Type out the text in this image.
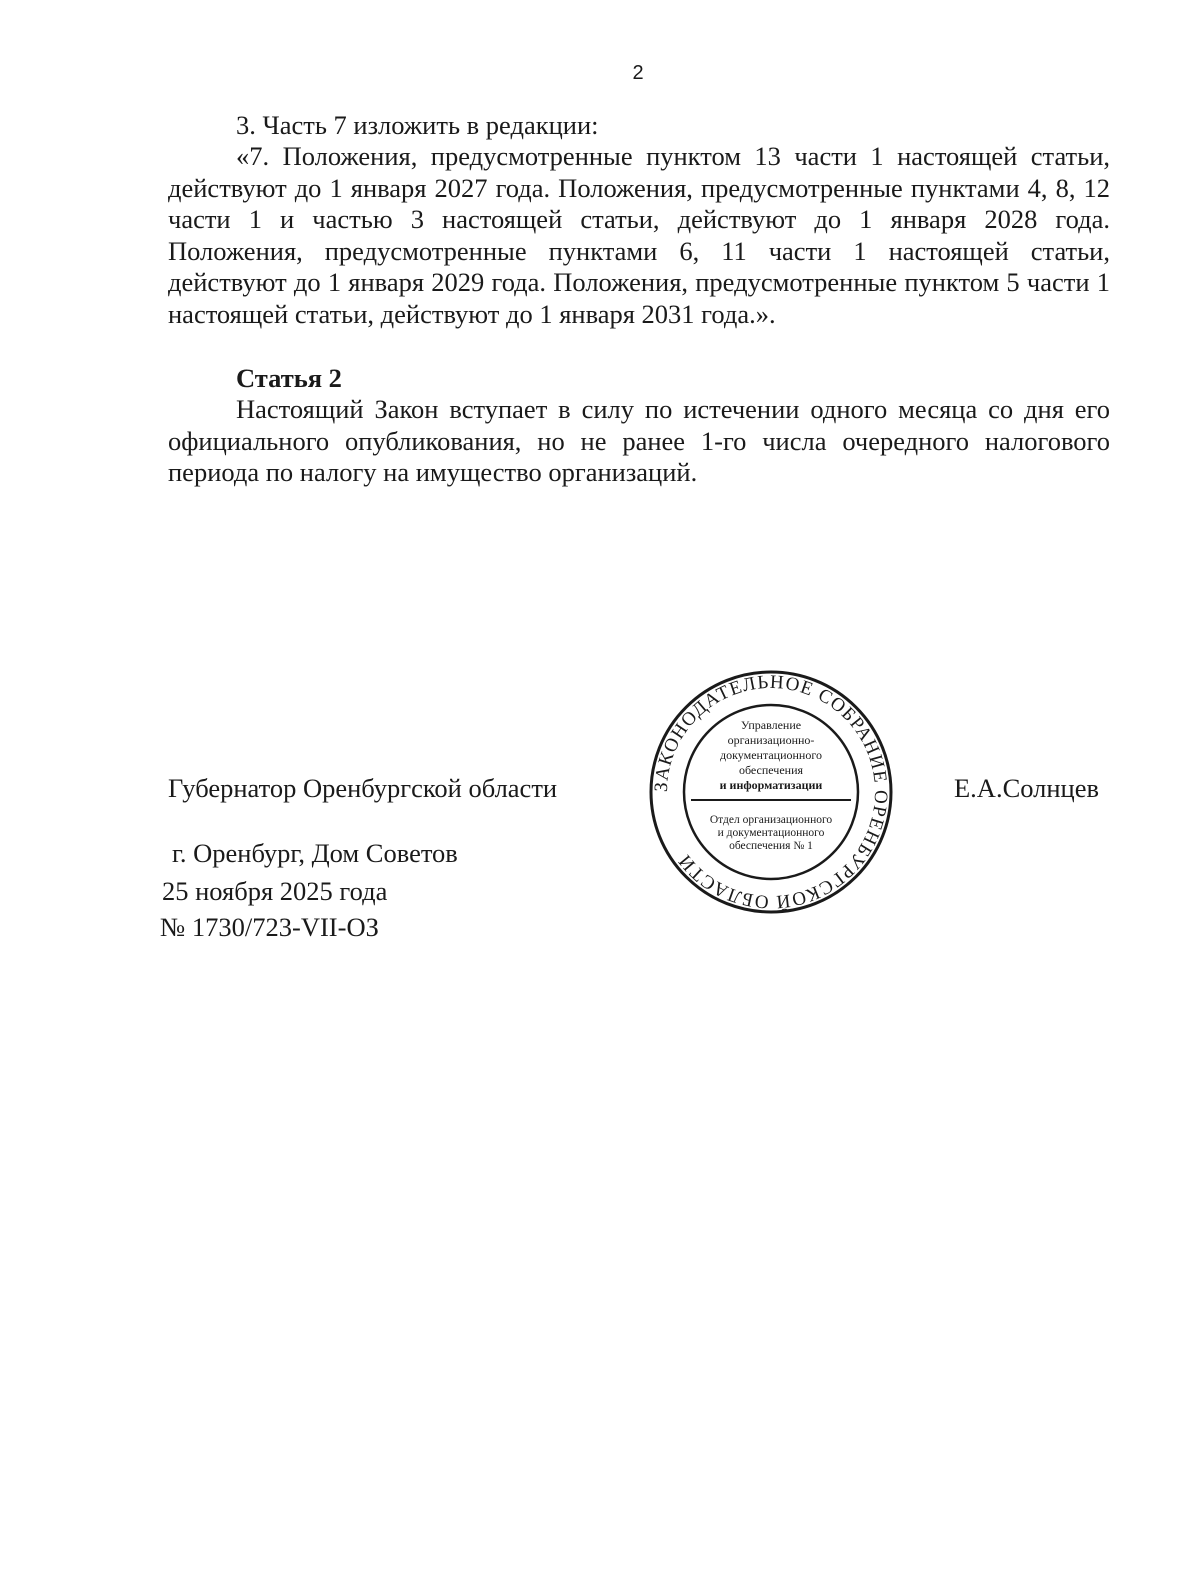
2
3. Часть 7 изложить в редакции:
«7. Положения, предусмотренные пунктом 13 части 1 настоящей статьи, действуют до 1 января 2027 года. Положения, предусмотренные пунктами 4, 8, 12 части 1 и частью 3 настоящей статьи, действуют до 1 января 2028 года. Положения, предусмотренные пунктами 6, 11 части 1 настоящей статьи, действуют до 1 января 2029 года. Положения, предусмотренные пунктом 5 части 1 настоящей статьи, действуют до 1 января 2031 года.».
Статья 2
Настоящий Закон вступает в силу по истечении одного месяца со дня его официального опубликования, но не ранее 1-го числа очередного налогового периода по налогу на имущество организаций.
Губернатор Оренбургской области	Е.А.Солнцев
г. Оренбург, Дом Советов
25 ноября 2025 года
№ 1730/723-VII-ОЗ
ЗАКОНОДАТЕЛЬНОЕ СОБРАНИЕ ОРЕНБУРГСКОЙ ОБЛАСТИ
Управление
организационно-
документационного
обеспечения
и информатизации
Отдел организационного
и документационного
обеспечения № 1
